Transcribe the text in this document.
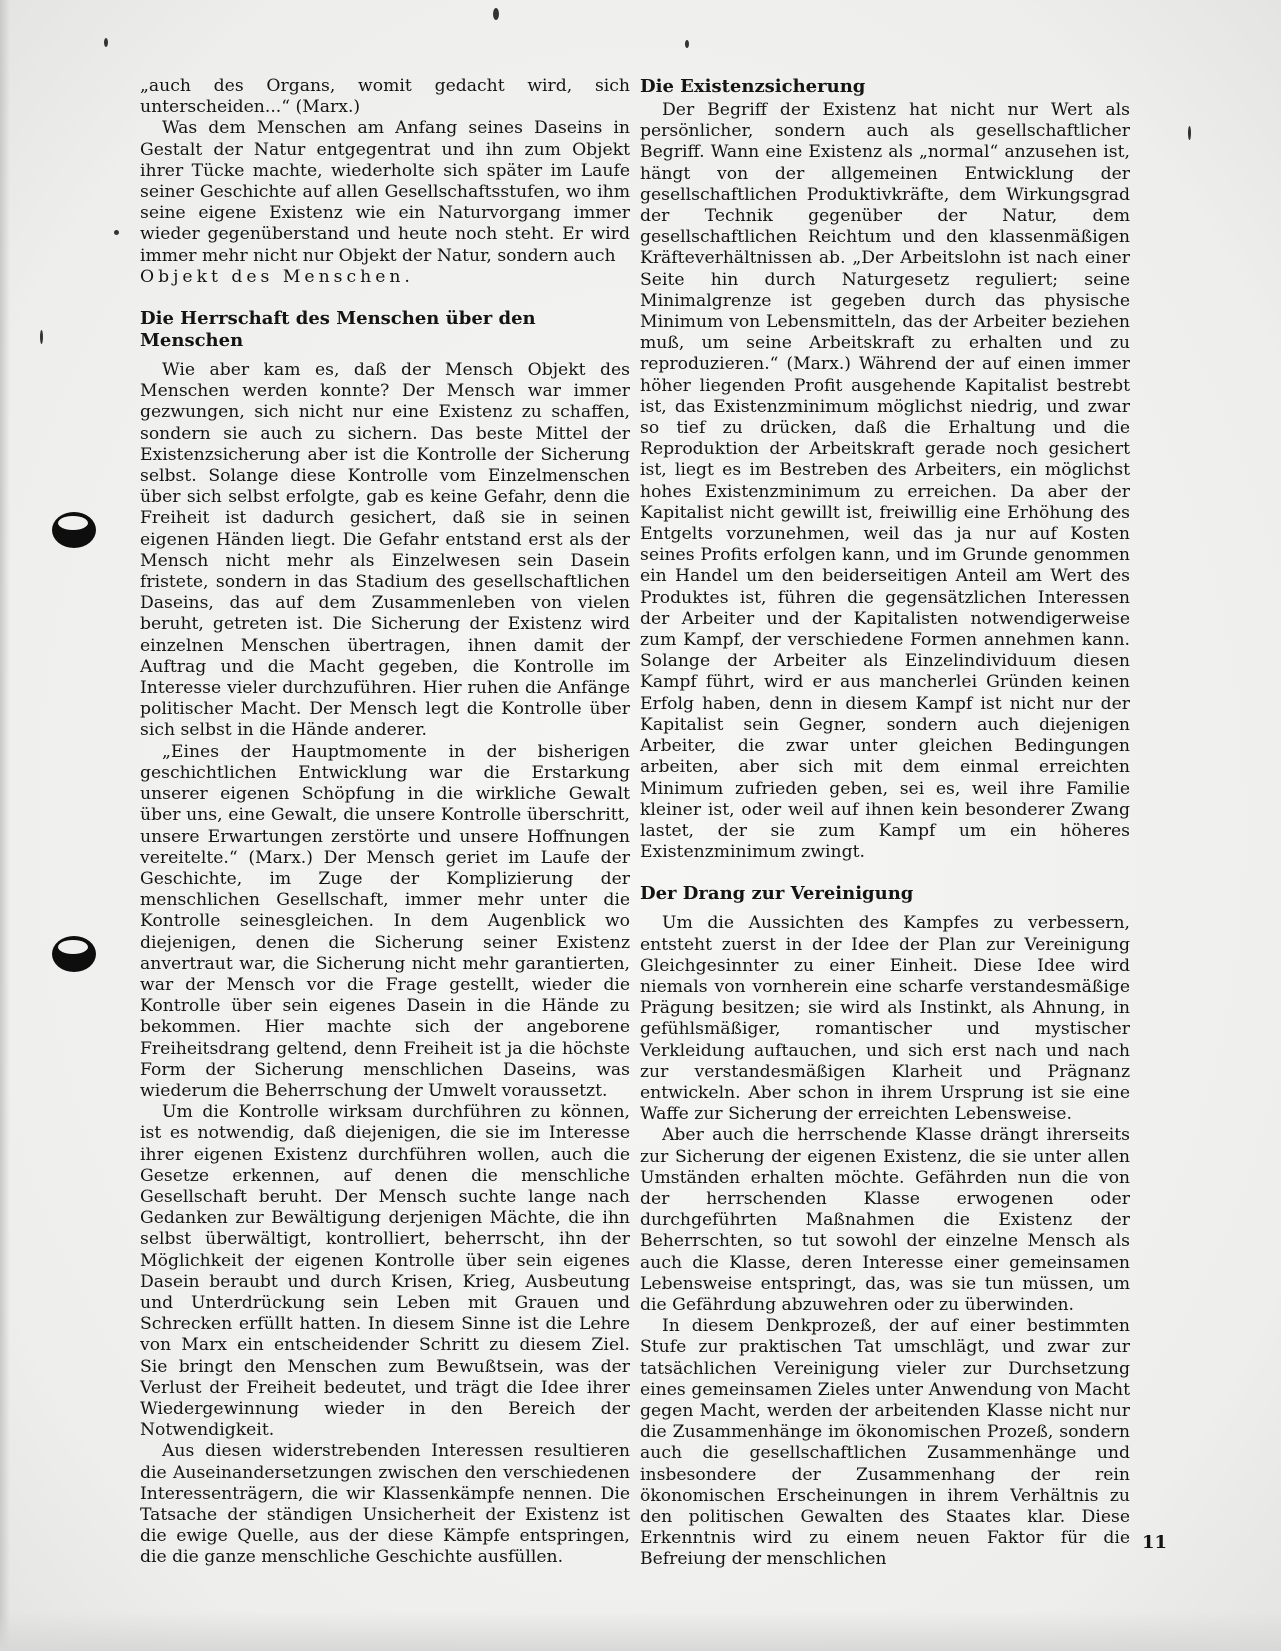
„auch des Organs, womit gedacht wird, sich unterscheiden...“ (Marx.)

Was dem Menschen am Anfang seines Daseins in Gestalt der Natur entgegentrat und ihn zum Objekt ihrer Tücke machte, wiederholte sich später im Laufe seiner Geschichte auf allen Gesellschaftsstufen, wo ihm seine eigene Existenz wie ein Naturvorgang immer wieder gegenüberstand und heute noch steht. Er wird immer mehr nicht nur Objekt der Natur, sondern auch

Objekt des Menschen.

Die Herrschaft des Menschen über den Menschen

Wie aber kam es, daß der Mensch Objekt des Menschen werden konnte? Der Mensch war immer gezwungen, sich nicht nur eine Existenz zu schaffen, sondern sie auch zu sichern. Das beste Mittel der Existenzsicherung aber ist die Kontrolle der Sicherung selbst. Solange diese Kontrolle vom Einzelmenschen über sich selbst erfolgte, gab es keine Gefahr, denn die Freiheit ist dadurch gesichert, daß sie in seinen eigenen Händen liegt. Die Gefahr entstand erst als der Mensch nicht mehr als Einzelwesen sein Dasein fristete, sondern in das Stadium des gesellschaftlichen Daseins, das auf dem Zusammenleben von vielen beruht, getreten ist. Die Sicherung der Existenz wird einzelnen Menschen übertragen, ihnen damit der Auftrag und die Macht gegeben, die Kontrolle im Interesse vieler durchzuführen. Hier ruhen die Anfänge politischer Macht. Der Mensch legt die Kontrolle über sich selbst in die Hände anderer.

„Eines der Hauptmomente in der bisherigen geschichtlichen Entwicklung war die Erstarkung unserer eigenen Schöpfung in die wirkliche Gewalt über uns, eine Gewalt, die unsere Kontrolle überschritt, unsere Erwartungen zerstörte und unsere Hoffnungen vereitelte.“ (Marx.) Der Mensch geriet im Laufe der Geschichte, im Zuge der Komplizierung der menschlichen Gesellschaft, immer mehr unter die Kontrolle seinesgleichen. In dem Augenblick wo diejenigen, denen die Sicherung seiner Existenz anvertraut war, die Sicherung nicht mehr garantierten, war der Mensch vor die Frage gestellt, wieder die Kontrolle über sein eigenes Dasein in die Hände zu bekommen. Hier machte sich der angeborene Freiheitsdrang geltend, denn Freiheit ist ja die höchste Form der Sicherung menschlichen Daseins, was wiederum die Beherrschung der Umwelt voraussetzt.

Um die Kontrolle wirksam durchführen zu können, ist es notwendig, daß diejenigen, die sie im Interesse ihrer eigenen Existenz durchführen wollen, auch die Gesetze erkennen, auf denen die menschliche Gesellschaft beruht. Der Mensch suchte lange nach Gedanken zur Bewältigung derjenigen Mächte, die ihn selbst überwältigt, kontrolliert, beherrscht, ihn der Möglichkeit der eigenen Kontrolle über sein eigenes Dasein beraubt und durch Krisen, Krieg, Ausbeutung und Unterdrückung sein Leben mit Grauen und Schrecken erfüllt hatten. In diesem Sinne ist die Lehre von Marx ein entscheidender Schritt zu diesem Ziel. Sie bringt den Menschen zum Bewußtsein, was der Verlust der Freiheit bedeutet, und trägt die Idee ihrer Wiedergewinnung wieder in den Bereich der Notwendigkeit.

Aus diesen widerstrebenden Interessen resultieren die Auseinandersetzungen zwischen den verschiedenen Interessenträgern, die wir Klassenkämpfe nennen. Die Tatsache der ständigen Unsicherheit der Existenz ist die ewige Quelle, aus der diese Kämpfe entspringen, die die ganze menschliche Geschichte ausfüllen.

Die Existenzsicherung

Der Begriff der Existenz hat nicht nur Wert als persönlicher, sondern auch als gesellschaftlicher Begriff. Wann eine Existenz als „normal“ anzusehen ist, hängt von der allgemeinen Entwicklung der gesellschaftlichen Produktivkräfte, dem Wirkungsgrad der Technik gegenüber der Natur, dem gesellschaftlichen Reichtum und den klassenmäßigen Kräfteverhältnissen ab. „Der Arbeitslohn ist nach einer Seite hin durch Naturgesetz reguliert; seine Minimalgrenze ist gegeben durch das physische Minimum von Lebensmitteln, das der Arbeiter beziehen muß, um seine Arbeitskraft zu erhalten und zu reproduzieren.“ (Marx.) Während der auf einen immer höher liegenden Profit ausgehende Kapitalist bestrebt ist, das Existenzminimum möglichst niedrig, und zwar so tief zu drücken, daß die Erhaltung und die Reproduktion der Arbeitskraft gerade noch gesichert ist, liegt es im Bestreben des Arbeiters, ein möglichst hohes Existenzminimum zu erreichen. Da aber der Kapitalist nicht gewillt ist, freiwillig eine Erhöhung des Entgelts vorzunehmen, weil das ja nur auf Kosten seines Profits erfolgen kann, und im Grunde genommen ein Handel um den beiderseitigen Anteil am Wert des Produktes ist, führen die gegensätzlichen Interessen der Arbeiter und der Kapitalisten notwendigerweise zum Kampf, der verschiedene Formen annehmen kann. Solange der Arbeiter als Einzelindividuum diesen Kampf führt, wird er aus mancherlei Gründen keinen Erfolg haben, denn in diesem Kampf ist nicht nur der Kapitalist sein Gegner, sondern auch diejenigen Arbeiter, die zwar unter gleichen Bedingungen arbeiten, aber sich mit dem einmal erreichten Minimum zufrieden geben, sei es, weil ihre Familie kleiner ist, oder weil auf ihnen kein besonderer Zwang lastet, der sie zum Kampf um ein höheres Existenzminimum zwingt.

Der Drang zur Vereinigung

Um die Aussichten des Kampfes zu verbessern, entsteht zuerst in der Idee der Plan zur Vereinigung Gleichgesinnter zu einer Einheit. Diese Idee wird niemals von vornherein eine scharfe verstandesmäßige Prägung besitzen; sie wird als Instinkt, als Ahnung, in gefühlsmäßiger, romantischer und mystischer Verkleidung auftauchen, und sich erst nach und nach zur verstandesmäßigen Klarheit und Prägnanz entwickeln. Aber schon in ihrem Ursprung ist sie eine Waffe zur Sicherung der erreichten Lebensweise.

Aber auch die herrschende Klasse drängt ihrerseits zur Sicherung der eigenen Existenz, die sie unter allen Umständen erhalten möchte. Gefährden nun die von der herrschenden Klasse erwogenen oder durchgeführten Maßnahmen die Existenz der Beherrschten, so tut sowohl der einzelne Mensch als auch die Klasse, deren Interesse einer gemeinsamen Lebensweise entspringt, das, was sie tun müssen, um die Gefährdung abzuwehren oder zu überwinden.

In diesem Denkprozeß, der auf einer bestimmten Stufe zur praktischen Tat umschlägt, und zwar zur tatsächlichen Vereinigung vieler zur Durchsetzung eines gemeinsamen Zieles unter Anwendung von Macht gegen Macht, werden der arbeitenden Klasse nicht nur die Zusammenhänge im ökonomischen Prozeß, sondern auch die gesellschaftlichen Zusammenhänge und insbesondere der Zusammenhang der rein ökonomischen Erscheinungen in ihrem Verhältnis zu den politischen Gewalten des Staates klar. Diese Erkenntnis wird zu einem neuen Faktor für die Befreiung der menschlichen

11
